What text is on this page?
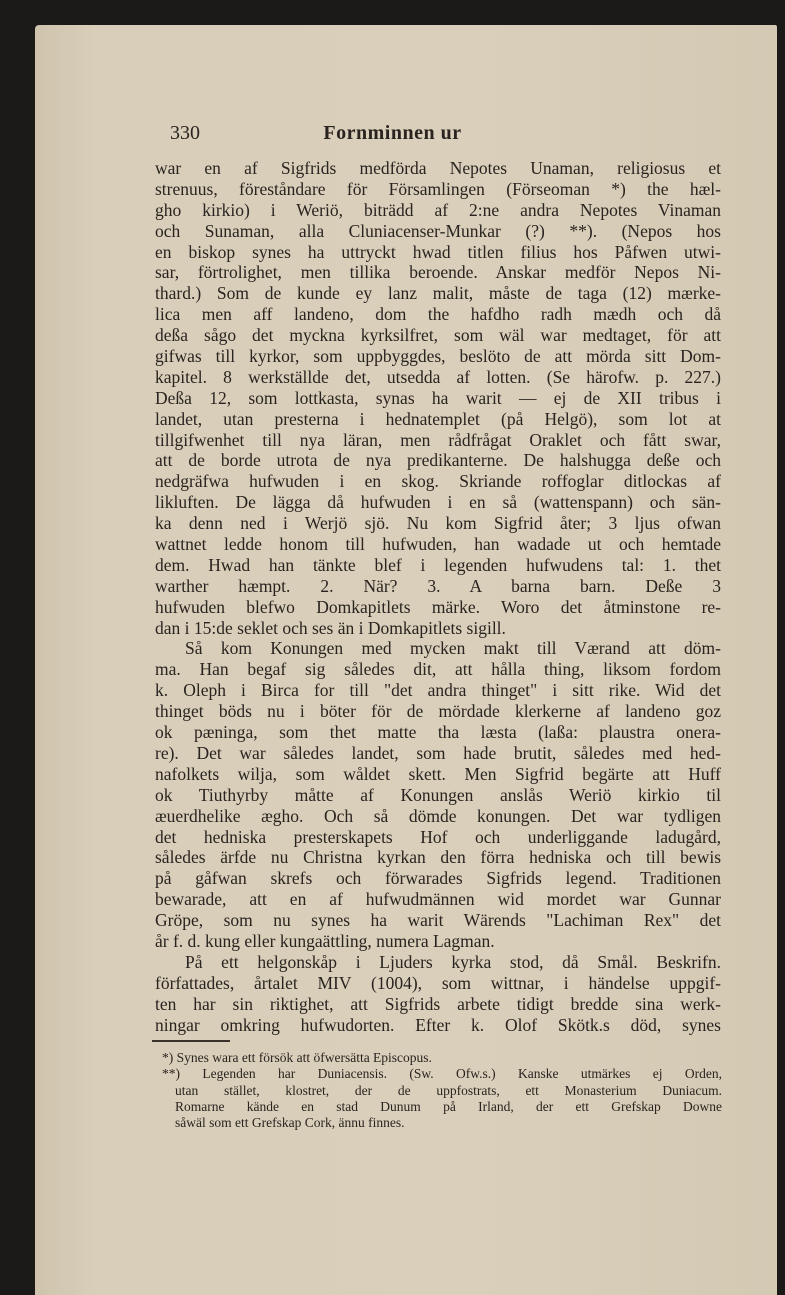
330	Fornminnen ur
war en af Sigfrids medförda Nepotes Unaman, religiosus et
strenuus, föreståndare för Församlingen (Förseoman *) the hæl-
gho kirkio) i Weriö, biträdd af 2:ne andra Nepotes Vinaman
och Sunaman, alla Cluniacenser-Munkar (?) **). (Nepos hos
en biskop synes ha uttryckt hwad titlen filius hos Påfwen utwi-
sar, förtrolighet, men tillika beroende. Anskar medför Nepos Ni-
thard.) Som de kunde ey lanz malit, måste de taga (12) mærke-
lica men aff landeno, dom the hafdho radh mædh och då
deßa sågo det myckna kyrksilfret, som wäl war medtaget, för att
gifwas till kyrkor, som uppbyggdes, beslöto de att mörda sitt Dom-
kapitel. 8 werkställde det, utsedda af lotten. (Se härofw. p. 227.)
Deßa 12, som lottkasta, synas ha warit — ej de XII tribus i
landet, utan presterna i hednatemplet (på Helgö), som lot at
tillgifwenhet till nya läran, men rådfrågat Oraklet och fått swar,
att de borde utrota de nya predikanterne. De halshugga deße och
nedgräfwa hufwuden i en skog. Skriande roffoglar ditlockas af
likluften. De lägga då hufwuden i en så (wattenspann) och sän-
ka denn ned i Werjö sjö. Nu kom Sigfrid åter; 3 ljus ofwan
wattnet ledde honom till hufwuden, han wadade ut och hemtade
dem. Hwad han tänkte blef i legenden hufwudens tal: 1. thet
warther hæmpt. 2. När? 3. A barna barn. Deße 3
hufwuden blefwo Domkapitlets märke. Woro det åtminstone re-
dan i 15:de seklet och ses än i Domkapitlets sigill.
Så kom Konungen med mycken makt till Værand att döm-
ma. Han begaf sig således dit, att hålla thing, liksom fordom
k. Oleph i Birca for till "det andra thinget" i sitt rike. Wid det
thinget böds nu i böter för de mördade klerkerne af landeno goz
ok pæninga, som thet matte tha læsta (laßa: plaustra onera-
re). Det war således landet, som hade brutit, således med hed-
nafolkets wilja, som wåldet skett. Men Sigfrid begärte att Huff
ok Tiuthyrby måtte af Konungen anslås Weriö kirkio til
æuerdhelike ægho. Och så dömde konungen. Det war tydligen
det hedniska presterskapets Hof och underliggande ladugård,
således ärfde nu Christna kyrkan den förra hedniska och till bewis
på gåfwan skrefs och förwarades Sigfrids legend. Traditionen
bewarade, att en af hufwudmännen wid mordet war Gunnar
Gröpe, som nu synes ha warit Wärends "Lachiman Rex" det
år f. d. kung eller kungaättling, numera Lagman.
På ett helgonskåp i Ljuders kyrka stod, då Smål. Beskrifn.
författades, årtalet MIV (1004), som wittnar, i händelse uppgif-
ten har sin riktighet, att Sigfrids arbete tidigt bredde sina werk-
ningar omkring hufwudorten. Efter k. Olof Skötk.s död, synes
*) Synes wara ett försök att öfwersätta Episcopus.
**) Legenden har Duniacensis. (Sw. Ofw.s.) Kanske utmärkes ej Orden,
utan stället, klostret, der de uppfostrats, ett Monasterium Duniacum.
Romarne kände en stad Dunum på Irland, der ett Grefskap Downe
såwäl som ett Grefskap Cork, ännu finnes.
